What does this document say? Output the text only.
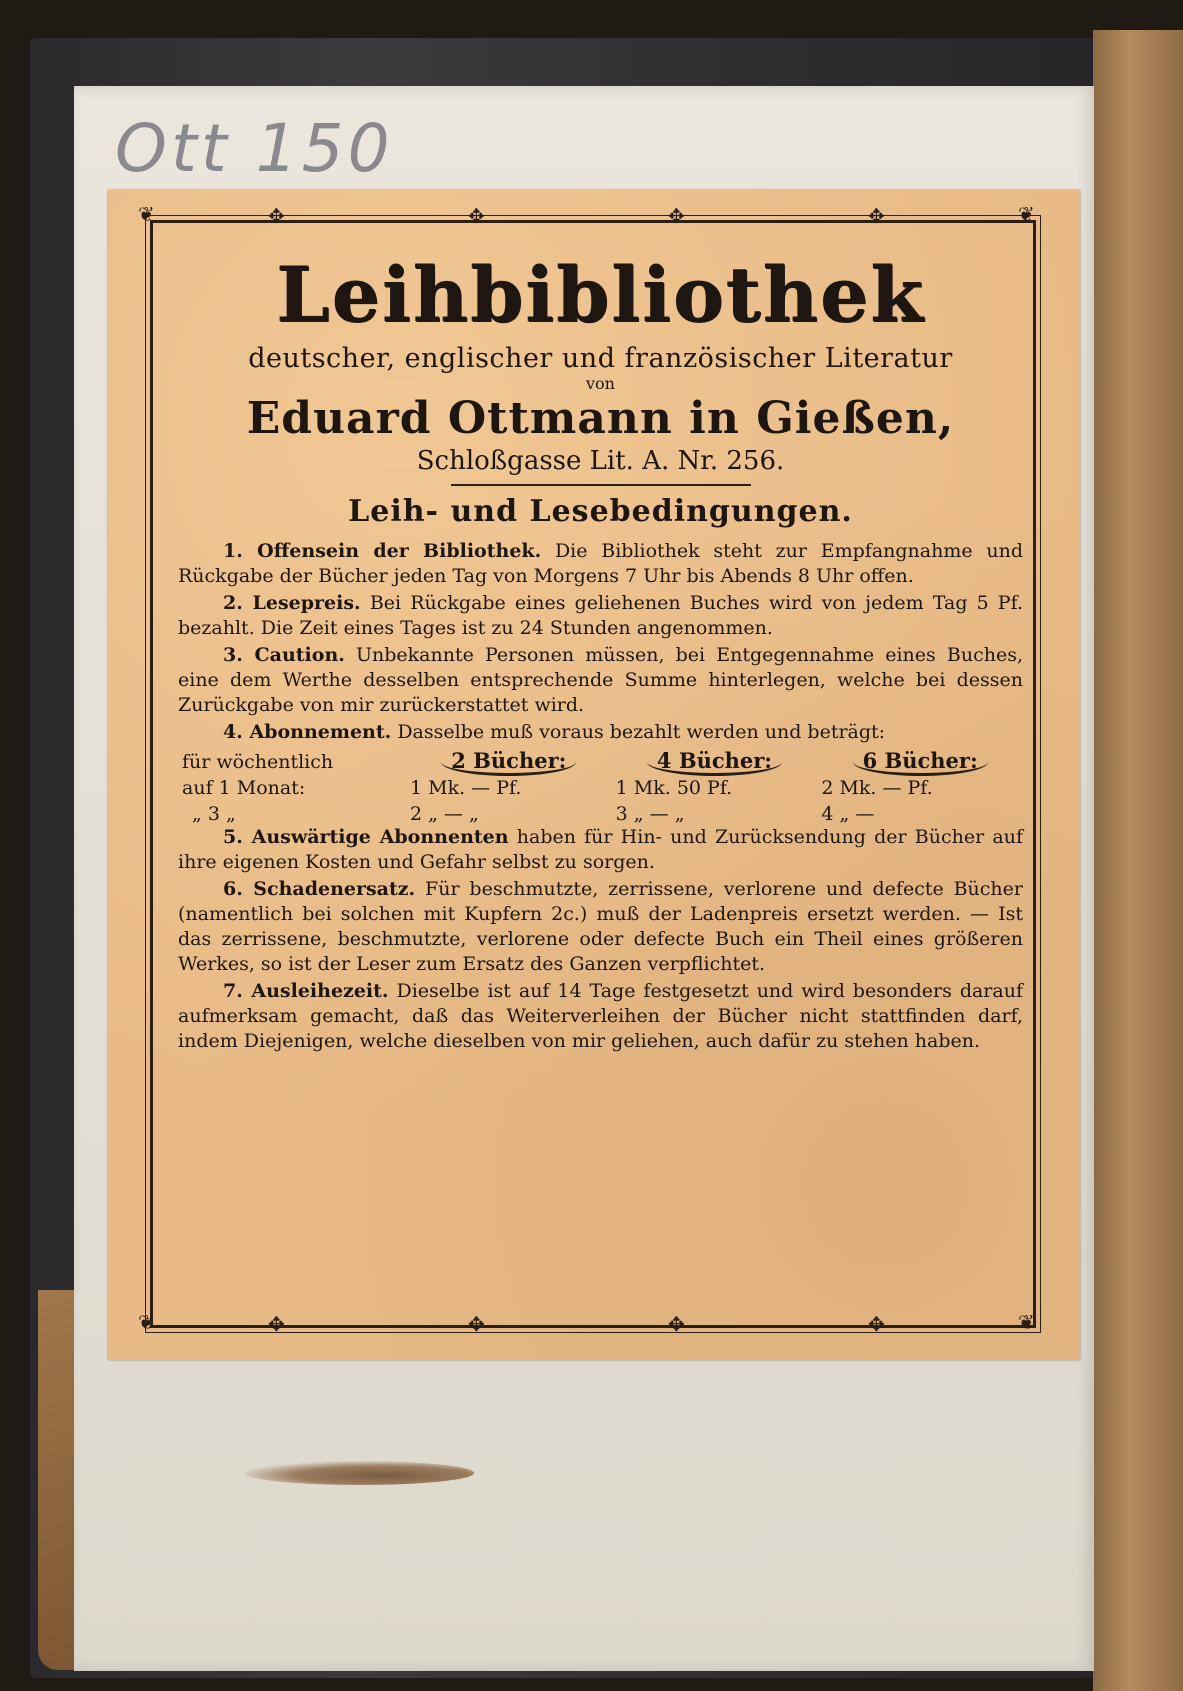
Ott 150
❦	❦
❦	❦
✥	✥	✥	✥
✥	✥	✥	✥
Leihbibliothek
deutscher, englischer und französischer Literatur
von
Eduard Ottmann in Gießen,
Schloßgasse Lit. A. Nr. 256.
Leih- und Lesebedingungen.

1. Offensein der Bibliothek. Die Bibliothek steht zur Empfangnahme und Rückgabe der Bücher jeden Tag von Morgens 7 Uhr bis Abends 8 Uhr offen.

2. Lesepreis. Bei Rückgabe eines geliehenen Buches wird von jedem Tag 5 Pf. bezahlt. Die Zeit eines Tages ist zu 24 Stunden angenommen.

3. Caution. Unbekannte Personen müssen, bei Entgegennahme eines Buches, eine dem Werthe desselben entsprechende Summe hinterlegen, welche bei dessen Zurückgabe von mir zurückerstattet wird.

4. Abonnement. Dasselbe muß voraus bezahlt werden und beträgt:

für wöchentlich	2 Bücher:	4 Bücher:	6 Bücher:
auf 1 Monat:	1 Mk. — Pf.	1 Mk. 50 Pf.	2 Mk. — Pf.
„ 3 „	2 „ — „	3 „ — „	4 „ —

5. Auswärtige Abonnenten haben für Hin- und Zurücksendung der Bücher auf ihre eigenen Kosten und Gefahr selbst zu sorgen.

6. Schadenersatz. Für beschmutzte, zerrissene, verlorene und defecte Bücher (namentlich bei solchen mit Kupfern 2c.) muß der Ladenpreis ersetzt werden. — Ist das zerrissene, beschmutzte, verlorene oder defecte Buch ein Theil eines größeren Werkes, so ist der Leser zum Ersatz des Ganzen verpflichtet.

7. Ausleihezeit. Dieselbe ist auf 14 Tage festgesetzt und wird besonders darauf aufmerksam gemacht, daß das Weiterverleihen der Bücher nicht stattfinden darf, indem Diejenigen, welche dieselben von mir geliehen, auch dafür zu stehen haben.
